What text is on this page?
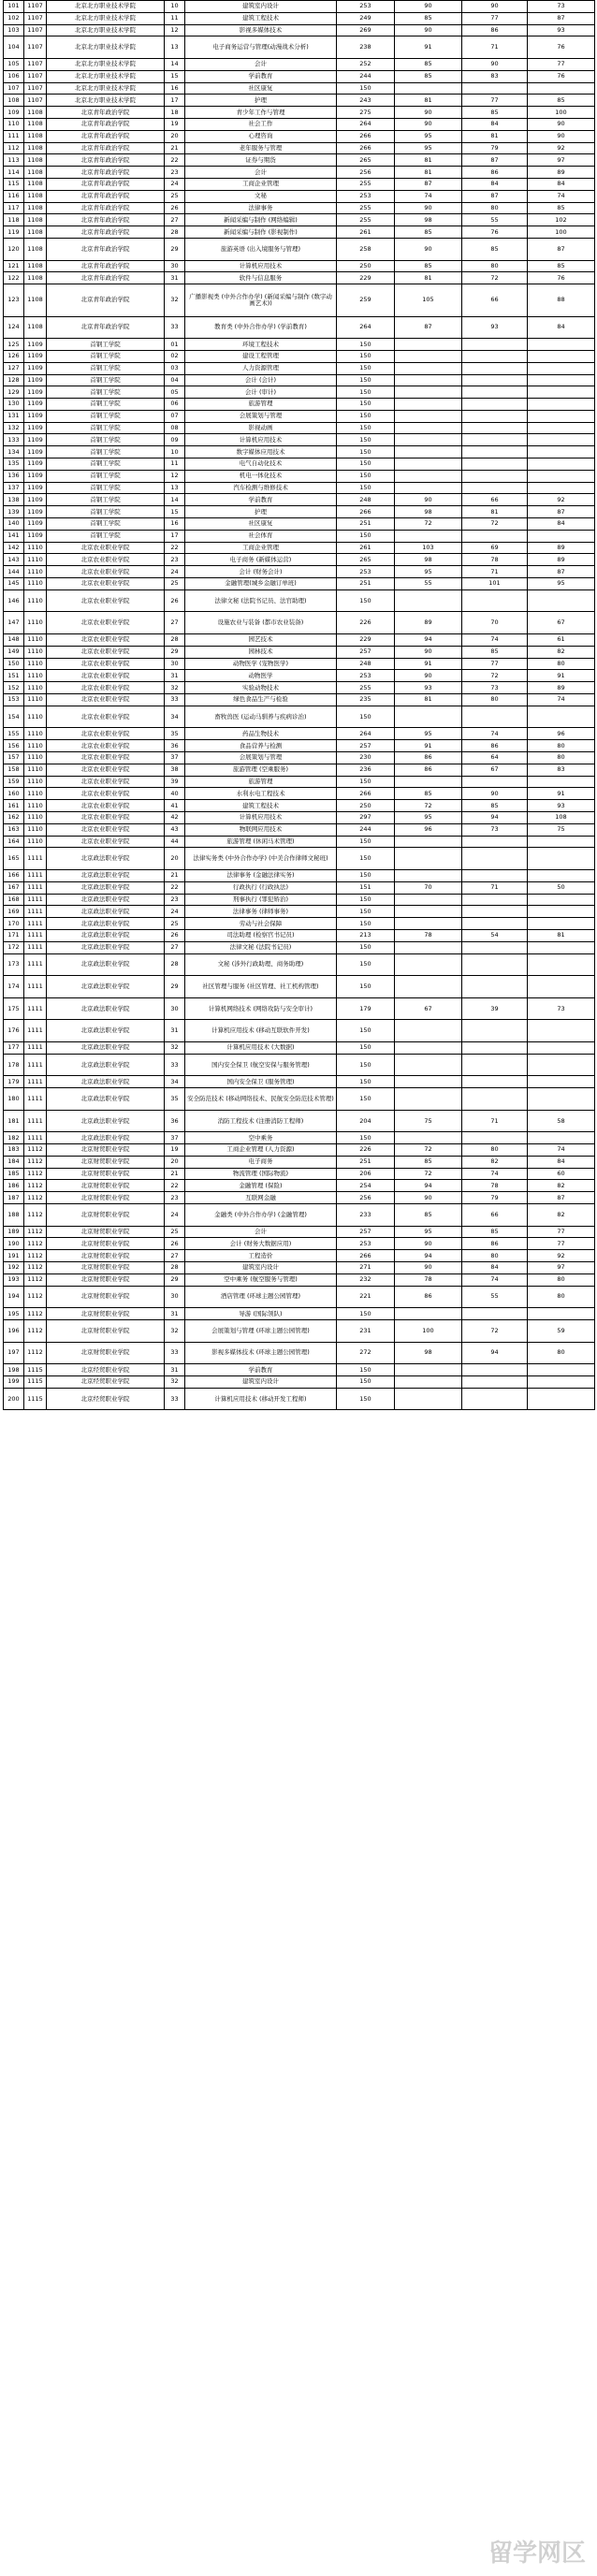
101	1107	北京北方职业技术学院	10	建筑室内设计	253	90	90	73
102	1107	北京北方职业技术学院	11	建筑工程技术	249	85	77	87
103	1107	北京北方职业技术学院	12	影视多媒体技术	269	90	86	93
104	1107	北京北方职业技术学院	13	电子商务运营与管理(动漫战术分析)	238	91	71	76
105	1107	北京北方职业技术学院	14	会计	252	85	90	77
106	1107	北京北方职业技术学院	15	学前教育	244	85	83	76
107	1107	北京北方职业技术学院	16	社区康复	150			
108	1107	北京北方职业技术学院	17	护理	243	81	77	85
109	1108	北京青年政治学院	18	青少年工作与管理	275	90	85	100
110	1108	北京青年政治学院	19	社会工作	264	90	84	90
111	1108	北京青年政治学院	20	心理咨询	266	95	81	90
112	1108	北京青年政治学院	21	老年服务与管理	266	95	79	92
113	1108	北京青年政治学院	22	证券与期货	265	81	87	97
114	1108	北京青年政治学院	23	会计	256	81	86	89
115	1108	北京青年政治学院	24	工商企业管理	255	87	84	84
116	1108	北京青年政治学院	25	文秘	253	74	87	74
117	1108	北京青年政治学院	26	法律事务	255	90	80	85
118	1108	北京青年政治学院	27	新闻采编与制作 (网络编辑)	255	98	55	102
119	1108	北京青年政治学院	28	新闻采编与制作 (影视制作)	261	85	76	100
120	1108	北京青年政治学院	29	旅游英语 (出入境服务与管理)	258	90	85	87
121	1108	北京青年政治学院	30	计算机应用技术	250	85	80	85
122	1108	北京青年政治学院	31	软件与信息服务	229	81	72	76
123	1108	北京青年政治学院	32	广播影视类 (中外合作办学) (新闻采编与制作 (数字动画艺术))	259	105	66	88
124	1108	北京青年政治学院	33	教育类 (中外合作办学) (学前教育)	264	87	93	84
125	1109	首钢工学院	01	环境工程技术	150			
126	1109	首钢工学院	02	建设工程管理	150			
127	1109	首钢工学院	03	人力资源管理	150			
128	1109	首钢工学院	04	会计 (会计)	150			
129	1109	首钢工学院	05	会计 (审计)	150			
130	1109	首钢工学院	06	旅游管理	150			
131	1109	首钢工学院	07	会展策划与管理	150			
132	1109	首钢工学院	08	影视动画	150			
133	1109	首钢工学院	09	计算机应用技术	150			
134	1109	首钢工学院	10	数字媒体应用技术	150			
135	1109	首钢工学院	11	电气自动化技术	150			
136	1109	首钢工学院	12	机电一体化技术	150			
137	1109	首钢工学院	13	汽车检测与维修技术	150			
138	1109	首钢工学院	14	学前教育	248	90	66	92
139	1109	首钢工学院	15	护理	266	98	81	87
140	1109	首钢工学院	16	社区康复	251	72	72	84
141	1109	首钢工学院	17	社会体育	150			
142	1110	北京农业职业学院	22	工商企业管理	261	103	69	89
143	1110	北京农业职业学院	23	电子商务 (新媒体运营)	265	98	78	89
144	1110	北京农业职业学院	24	会计 (财务会计)	253	95	71	87
145	1110	北京农业职业学院	25	金融管理(城乡金融订单班)	251	55	101	95
146	1110	北京农业职业学院	26	法律文秘 (法院书记员、法官助理)	150			
147	1110	北京农业职业学院	27	设施农业与装备 (都市农业装备)	226	89	70	67
148	1110	北京农业职业学院	28	园艺技术	229	94	74	61
149	1110	北京农业职业学院	29	园林技术	257	90	85	82
150	1110	北京农业职业学院	30	动物医学 (宠物医学)	248	91	77	80
151	1110	北京农业职业学院	31	动物医学	253	90	72	91
152	1110	北京农业职业学院	32	实验动物技术	255	93	73	89
153	1110	北京农业职业学院	33	绿色食品生产与检验	235	81	80	74
154	1110	北京农业职业学院	34	畜牧兽医 (运动马驯养与疾病诊治)	150			
155	1110	北京农业职业学院	35	药品生物技术	264	95	74	96
156	1110	北京农业职业学院	36	食品营养与检测	257	91	86	80
157	1110	北京农业职业学院	37	会展策划与管理	230	86	64	80
158	1110	北京农业职业学院	38	旅游管理 (空乘服务)	236	86	67	83
159	1110	北京农业职业学院	39	旅游管理	150			
160	1110	北京农业职业学院	40	水利水电工程技术	266	85	90	91
161	1110	北京农业职业学院	41	建筑工程技术	250	72	85	93
162	1110	北京农业职业学院	42	计算机应用技术	297	95	94	108
163	1110	北京农业职业学院	43	物联网应用技术	244	96	73	75
164	1110	北京农业职业学院	44	旅游管理 (休闲马术管理)	150			
165	1111	北京政法职业学院	20	法律实务类 (中外合作办学) (中美合作律师文秘班)	150			
166	1111	北京政法职业学院	21	法律事务 (金融法律实务)	150			
167	1111	北京政法职业学院	22	行政执行 (行政执法)	151	70	71	50
168	1111	北京政法职业学院	23	刑事执行 (罪犯矫治)	150			
169	1111	北京政法职业学院	24	法律事务 (律师事务)	150			
170	1111	北京政法职业学院	25	劳动与社会保障	150			
171	1111	北京政法职业学院	26	司法助理 (检察官书记员)	213	78	54	81
172	1111	北京政法职业学院	27	法律文秘 (法院书记员)	150			
173	1111	北京政法职业学院	28	文秘 (涉外行政助理、商务助理)	150			
174	1111	北京政法职业学院	29	社区管理与服务 (社区管理、社工机构管理)	150			
175	1111	北京政法职业学院	30	计算机网络技术 (网络攻防与安全审计)	179	67	39	73
176	1111	北京政法职业学院	31	计算机应用技术 (移动互联软件开发)	150			
177	1111	北京政法职业学院	32	计算机应用技术 (大数据)	150			
178	1111	北京政法职业学院	33	国内安全保卫 (航空安保与服务管理)	150			
179	1111	北京政法职业学院	34	国内安全保卫 (服务管理)	150			
180	1111	北京政法职业学院	35	安全防范技术 (移动网络技术、民航安全防范技术管理)	150			
181	1111	北京政法职业学院	36	消防工程技术 (注册消防工程师)	204	75	71	58
182	1111	北京政法职业学院	37	空中乘务	150			
183	1112	北京财贸职业学院	19	工商企业管理 (人力资源)	226	72	80	74
184	1112	北京财贸职业学院	20	电子商务	251	85	82	84
185	1112	北京财贸职业学院	21	物流管理 (国际物流)	206	72	74	60
186	1112	北京财贸职业学院	22	金融管理 (保险)	254	94	78	82
187	1112	北京财贸职业学院	23	互联网金融	256	90	79	87
188	1112	北京财贸职业学院	24	金融类 (中外合作办学) (金融管理)	233	85	66	82
189	1112	北京财贸职业学院	25	会计	257	95	85	77
190	1112	北京财贸职业学院	26	会计 (财务大数据应用)	253	90	86	77
191	1112	北京财贸职业学院	27	工程造价	266	94	80	92
192	1112	北京财贸职业学院	28	建筑室内设计	271	90	84	97
193	1112	北京财贸职业学院	29	空中乘务 (航空服务与管理)	232	78	74	80
194	1112	北京财贸职业学院	30	酒店管理 (环球主题公园管理)	221	86	55	80
195	1112	北京财贸职业学院	31	导游 (国际领队)	150			
196	1112	北京财贸职业学院	32	会展策划与管理 (环球主题公园管理)	231	100	72	59
197	1112	北京财贸职业学院	33	影视多媒体技术 (环球主题公园管理)	272	98	94	80
198	1115	北京经贸职业学院	31	学前教育	150			
199	1115	北京经贸职业学院	32	建筑室内设计	150			
200	1115	北京经贸职业学院	33	计算机应用技术 (移动开发工程师)	150			
留学网区
